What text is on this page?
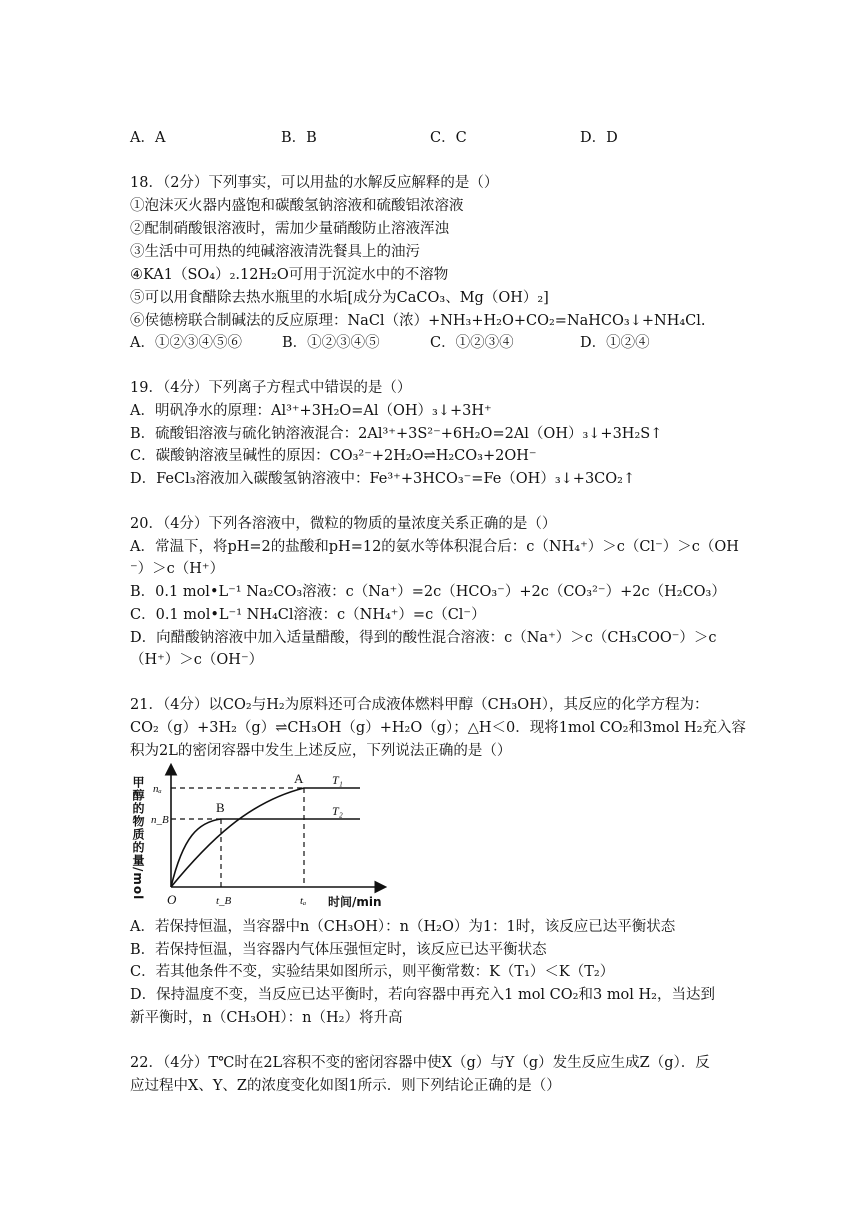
A．A	B．B	C．C	D．D
18．（2分）下列事实，可以用盐的水解反应解释的是（）
①泡沫灭火器内盛饱和碳酸氢钠溶液和硫酸铝浓溶液
②配制硝酸银溶液时，需加少量硝酸防止溶液浑浊
③生活中可用热的纯碱溶液清洗餐具上的油污
④KA1（SO₄）₂.12H₂O可用于沉淀水中的不溶物
⑤可以用食醋除去热水瓶里的水垢[成分为CaCO₃、Mg（OH）₂]
⑥侯德榜联合制碱法的反应原理：NaCl（浓）+NH₃+H₂O+CO₂=NaHCO₃↓+NH₄Cl.
A．①②③④⑤⑥	B．①②③④⑤	C．①②③④	D．①②④
19．（4分）下列离子方程式中错误的是（）
A．明矾净水的原理：Al³⁺+3H₂O=Al（OH）₃↓+3H⁺
B．硫酸铝溶液与硫化钠溶液混合：2Al³⁺+3S²⁻+6H₂O=2Al（OH）₃↓+3H₂S↑
C．碳酸钠溶液呈碱性的原因：CO₃²⁻+2H₂O⇌H₂CO₃+2OH⁻
D．FeCl₃溶液加入碳酸氢钠溶液中：Fe³⁺+3HCO₃⁻=Fe（OH）₃↓+3CO₂↑
20．（4分）下列各溶液中，微粒的物质的量浓度关系正确的是（）
A．常温下，将pH=2的盐酸和pH=12的氨水等体积混合后：c（NH₄⁺）＞c（Cl⁻）＞c（OH
⁻）＞c（H⁺）
B．0.1 mol•L⁻¹ Na₂CO₃溶液：c（Na⁺）=2c（HCO₃⁻）+2c（CO₃²⁻）+2c（H₂CO₃）
C．0.1 mol•L⁻¹ NH₄Cl溶液：c（NH₄⁺）=c（Cl⁻）
D．向醋酸钠溶液中加入适量醋酸，得到的酸性混合溶液：c（Na⁺）＞c（CH₃COO⁻）＞c
（H⁺）＞c（OH⁻）
21．（4分）以CO₂与H₂为原料还可合成液体燃料甲醇（CH₃OH），其反应的化学方程为：
CO₂（g）+3H₂（g）⇌CH₃OH（g）+H₂O（g）；△H＜0．现将1mol CO₂和3mol H₂充入容
积为2L的密闭容器中发生上述反应，下列说法正确的是（）
甲醇的物质的量/mol	A
B
T₁
T₂
nₐ
n_B
O	t_B	tₐ 时间/min
A．若保持恒温，当容器中n（CH₃OH）：n（H₂O）为1：1时，该反应已达平衡状态
B．若保持恒温，当容器内气体压强恒定时，该反应已达平衡状态
C．若其他条件不变，实验结果如图所示，则平衡常数：K（T₁）＜K（T₂）
D．保持温度不变，当反应已达平衡时，若向容器中再充入1 mol CO₂和3 mol H₂，当达到
新平衡时，n（CH₃OH）：n（H₂）将升高
22．（4分）T℃时在2L容积不变的密闭容器中使X（g）与Y（g）发生反应生成Z（g）．反
应过程中X、Y、Z的浓度变化如图1所示．则下列结论正确的是（）
